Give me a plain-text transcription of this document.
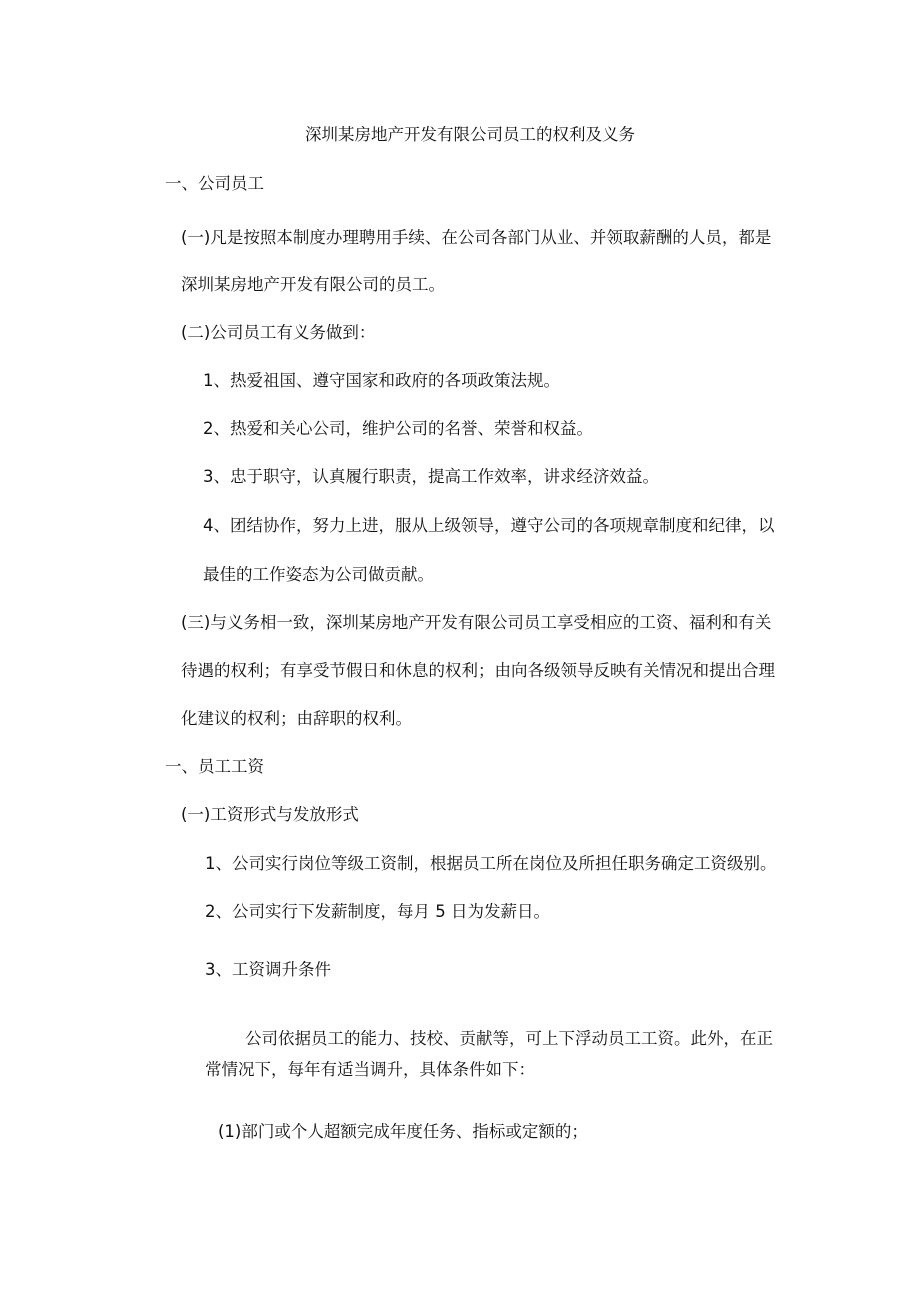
深圳某房地产开发有限公司员工的权利及义务

一、公司员工

(一)凡是按照本制度办理聘用手续、在公司各部门从业、并领取薪酬的人员，都是

深圳某房地产开发有限公司的员工。

(二)公司员工有义务做到：

1、热爱祖国、遵守国家和政府的各项政策法规。

2、热爱和关心公司，维护公司的名誉、荣誉和权益。

3、忠于职守，认真履行职责，提高工作效率，讲求经济效益。

4、团结协作，努力上进，服从上级领导，遵守公司的各项规章制度和纪律，以

最佳的工作姿态为公司做贡献。

(三)与义务相一致，深圳某房地产开发有限公司员工享受相应的工资、福利和有关

待遇的权利；有享受节假日和休息的权利；由向各级领导反映有关情况和提出合理

化建议的权利；由辞职的权利。

一、员工工资

(一)工资形式与发放形式

1、公司实行岗位等级工资制，根据员工所在岗位及所担任职务确定工资级别。

2、公司实行下发薪制度，每月 5 日为发薪日。

3、工资调升条件

公司依据员工的能力、技校、贡献等，可上下浮动员工工资。此外，在正

常情况下，每年有适当调升，具体条件如下：

(1)部门或个人超额完成年度任务、指标或定额的；
